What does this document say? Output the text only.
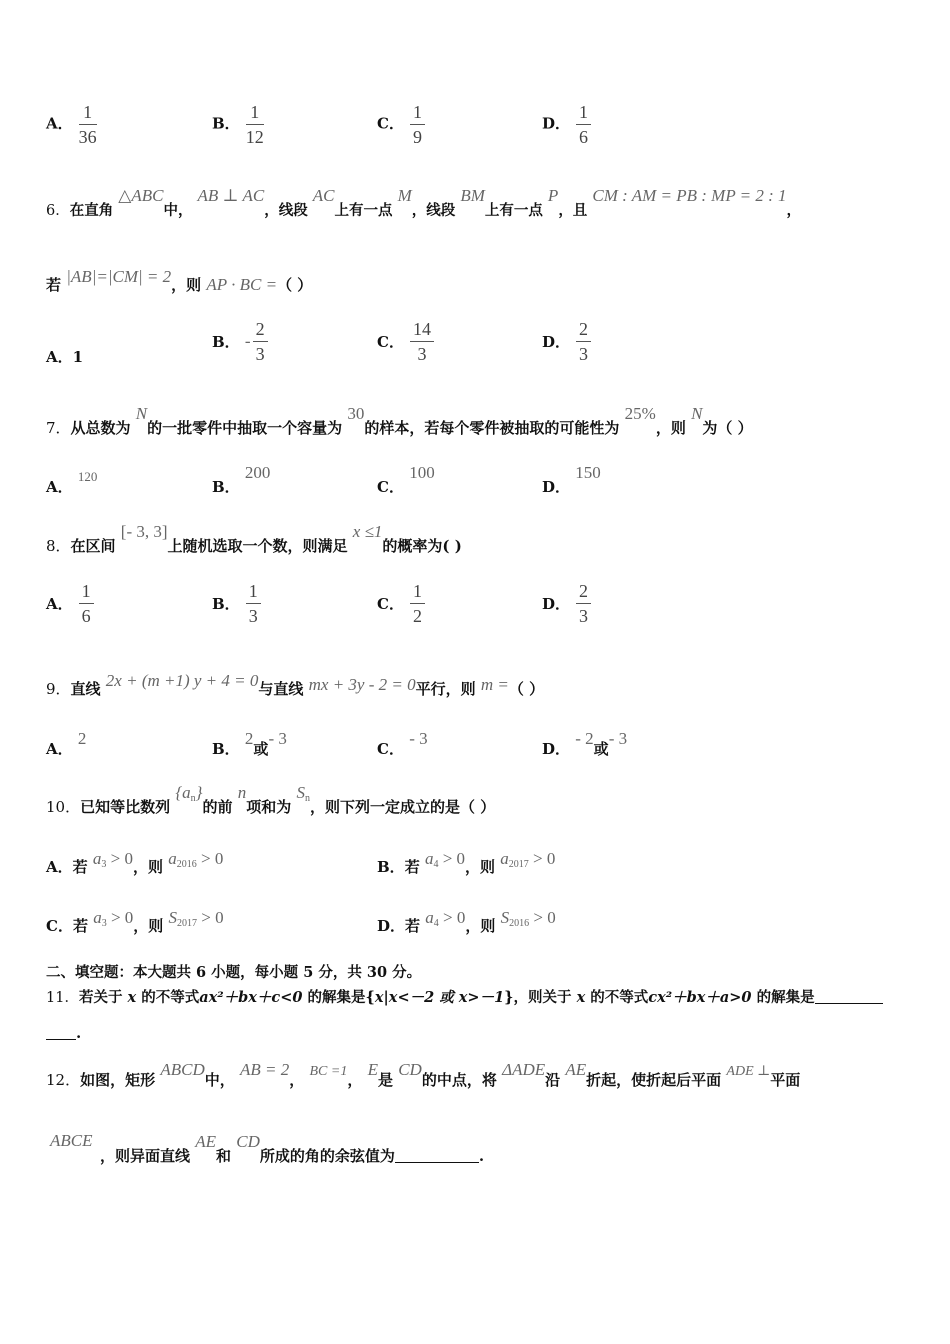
A． $\frac{1}{36}$	B． $\frac{1}{12}$	C． $\frac{1}{9}$	D． $\frac{1}{6}$
6．在直角 △ABC中， AB ⊥ AC，线段 AC上有一点 M，线段 BM上有一点 P，且 CM : AM = PB : MP = 2 : 1，
若 |AB|=|CM| = 2，则 AP · BC =（ ）
A．1
B． - $\frac{2}{3}$	C． $\frac{14}{3}$	D． $\frac{2}{3}$
7．从总数为 N的一批零件中抽取一个容量为 30的样本，若每个零件被抽取的可能性为 25%，则 N为（ ）
A． 120
B． 200
C． 100
D． 150
8．在区间 [- 3, 3]上随机选取一个数，则满足 x ≤1的概率为( )
A． $\frac{1}{6}$	B． $\frac{1}{3}$	C． $\frac{1}{2}$	D． $\frac{2}{3}$
9．直线 2x + (m +1) y + 4 = 0与直线 mx + 3y - 2 = 0平行，则 m =（ ）
A． 2
B． 2或- 3
C． - 3
D． - 2或- 3
10．已知等比数列 $\{a_n\}$的前 n项和为 $S_n$，则下列一定成立的是（ ）
A．若 $a_3 > 0$，则 $a_{2016} > 0$	B．若 $a_4 > 0$，则 $a_{2017} > 0$
C．若 $a_3 > 0$，则 $S_{2017} > 0$	D．若 $a_4 > 0$，则 $S_{2016} > 0$
二、填空题：本大题共 6 小题，每小题 5 分，共 30 分。
11．若关于 x 的不等式ax²＋bx＋c<0 的解集是{x|x<－2 或 x>－1}，则关于 x 的不等式cx²＋bx＋a>0 的解集是
.
12．如图，矩形 ABCD中， AB = 2， BC =1， E是 CD的中点，将 ΔADE沿 AE折起，使折起后平面 ADE ⊥平面
ABCE

，则异面直线 AE和 CD所成的角的余弦值为	.
